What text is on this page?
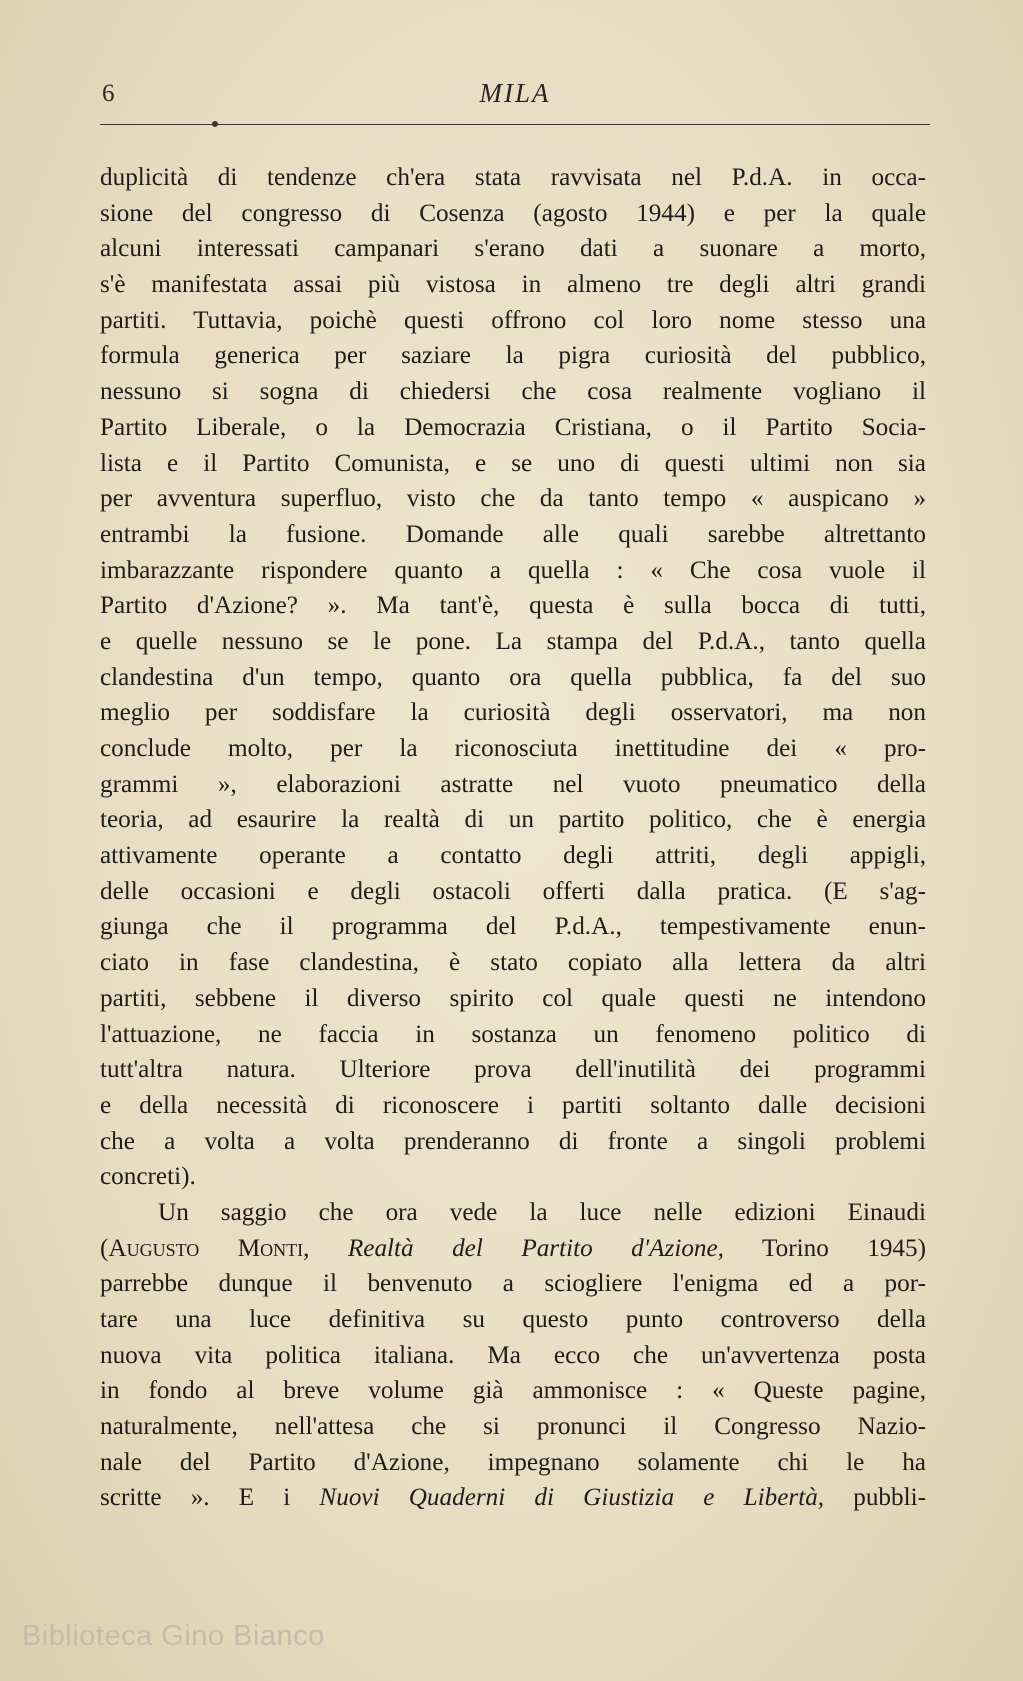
6	MILA
duplicità di tendenze ch'era stata ravvisata nel P.d.A. in occa-
sione del congresso di Cosenza (agosto 1944) e per la quale
alcuni interessati campanari s'erano dati a suonare a morto,
s'è manifestata assai più vistosa in almeno tre degli altri grandi
partiti. Tuttavia, poichè questi offrono col loro nome stesso una
formula generica per saziare la pigra curiosità del pubblico,
nessuno si sogna di chiedersi che cosa realmente vogliano il
Partito Liberale, o la Democrazia Cristiana, o il Partito Socia-
lista e il Partito Comunista, e se uno di questi ultimi non sia
per avventura superfluo, visto che da tanto tempo « auspicano »
entrambi la fusione. Domande alle quali sarebbe altrettanto
imbarazzante rispondere quanto a quella : « Che cosa vuole il
Partito d'Azione? ». Ma tant'è, questa è sulla bocca di tutti,
e quelle nessuno se le pone. La stampa del P.d.A., tanto quella
clandestina d'un tempo, quanto ora quella pubblica, fa del suo
meglio per soddisfare la curiosità degli osservatori, ma non
conclude molto, per la riconosciuta inettitudine dei « pro-
grammi », elaborazioni astratte nel vuoto pneumatico della
teoria, ad esaurire la realtà di un partito politico, che è energia
attivamente operante a contatto degli attriti, degli appigli,
delle occasioni e degli ostacoli offerti dalla pratica. (E s'ag-
giunga che il programma del P.d.A., tempestivamente enun-
ciato in fase clandestina, è stato copiato alla lettera da altri
partiti, sebbene il diverso spirito col quale questi ne intendono
l'attuazione, ne faccia in sostanza un fenomeno politico di
tutt'altra natura. Ulteriore prova dell'inutilità dei programmi
e della necessità di riconoscere i partiti soltanto dalle decisioni
che a volta a volta prenderanno di fronte a singoli problemi
concreti).
Un saggio che ora vede la luce nelle edizioni Einaudi
(Augusto Monti, Realtà del Partito d'Azione, Torino 1945)
parrebbe dunque il benvenuto a sciogliere l'enigma ed a por-
tare una luce definitiva su questo punto controverso della
nuova vita politica italiana. Ma ecco che un'avvertenza posta
in fondo al breve volume già ammonisce : « Queste pagine,
naturalmente, nell'attesa che si pronunci il Congresso Nazio-
nale del Partito d'Azione, impegnano solamente chi le ha
scritte ». E i Nuovi Quaderni di Giustizia e Libertà, pubbli-
Biblioteca Gino Bianco
